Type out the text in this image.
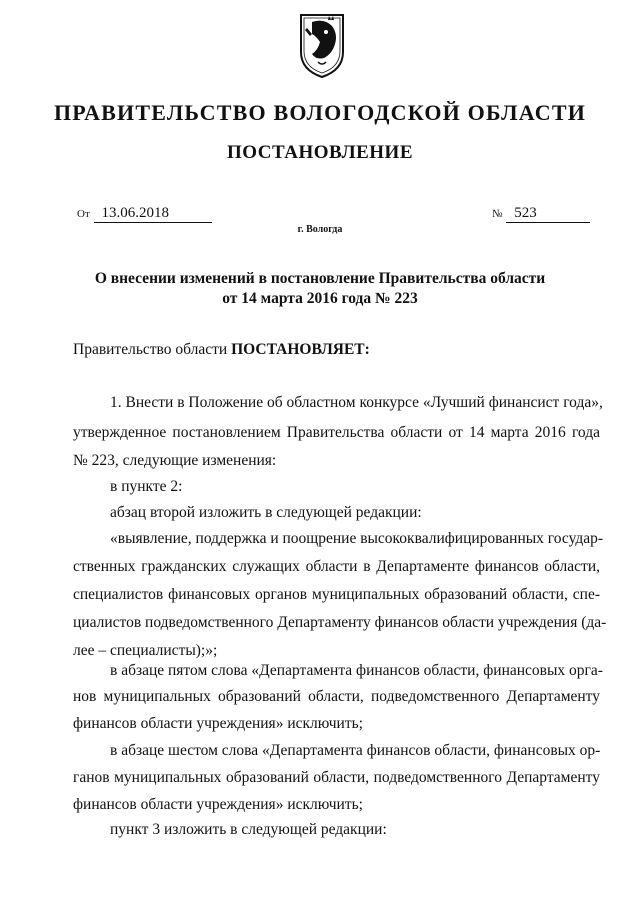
ПРАВИТЕЛЬСТВО ВОЛОГОДСКОЙ ОБЛАСТИ
ПОСТАНОВЛЕНИЕ
От 13.06.2018	№ 523
г. Вологда
О внесении изменений в постановление Правительства области
от 14 марта 2016 года № 223
Правительство области ПОСТАНОВЛЯЕТ:
1. Внести в Положение об областном конкурсе «Лучший финансист года»,
утвержденное постановлением Правительства области от 14 марта 2016 года
№ 223, следующие изменения:
в пункте 2:
абзац второй изложить в следующей редакции:
«выявление, поддержка и поощрение высококвалифицированных государ-
ственных гражданских служащих области в Департаменте финансов области,
специалистов финансовых органов муниципальных образований области, спе-
циалистов подведомственного Департаменту финансов области учреждения (да-
лее – специалисты);»;
в абзаце пятом слова «Департамента финансов области, финансовых орга-
нов муниципальных образований области, подведомственного Департаменту
финансов области учреждения» исключить;
в абзаце шестом слова «Департамента финансов области, финансовых ор-
ганов муниципальных образований области, подведомственного Департаменту
финансов области учреждения» исключить;
пункт 3 изложить в следующей редакции:
